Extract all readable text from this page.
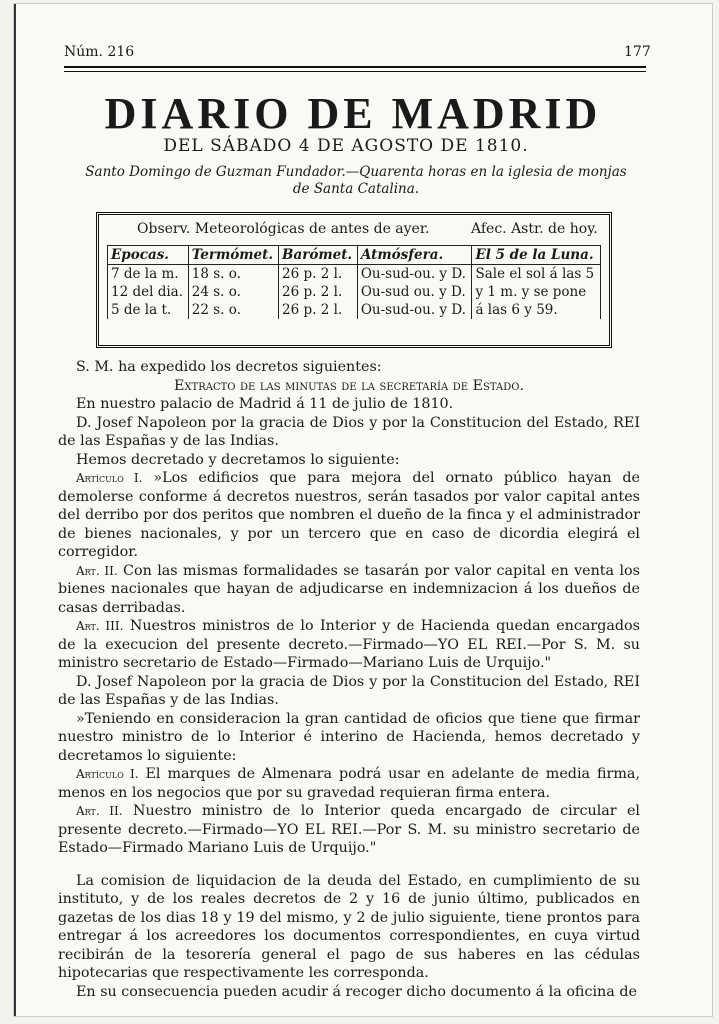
Núm. 216	177
DIARIO DE MADRID
DEL SÁBADO 4 DE AGOSTO DE 1810.
Santo Domingo de Guzman Fundador.—Quarenta horas en la iglesia de monjas de Santa Catalina.
Observ. Meteorológicas de antes de ayer.	Afec. Astr. de hoy.
Epocas.	Termómet.	Barómet.	Atmósfera.	El 5 de la Luna.
7 de la m.	18 s. o.	26 p. 2 l.	Ou-sud-ou. y D.	Sale el sol á las 5
12 del dia.	24 s. o.	26 p. 2 l.	Ou-sud ou. y D.	y 1 m. y se pone
5 de la t.	22 s. o.	26 p. 2 l.	Ou-sud-ou. y D.	á las 6 y 59.

S. M. ha expedido los decretos siguientes:

Extracto de las minutas de la secretaría de Estado.

En nuestro palacio de Madrid á 11 de julio de 1810.

D. Josef Napoleon por la gracia de Dios y por la Constitucion del Estado, REI de las Españas y de las Indias.

Hemos decretado y decretamos lo siguiente:

Artículo I. »Los edificios que para mejora del ornato público hayan de demolerse conforme á decretos nuestros, serán tasados por valor capital antes del derribo por dos peritos que nombren el dueño de la finca y el administrador de bienes nacionales, y por un tercero que en caso de dicordia elegirá el corregidor.

Art. II. Con las mismas formalidades se tasarán por valor capital en venta los bienes nacionales que hayan de adjudicarse en indemnizacion á los dueños de casas derribadas.

Art. III. Nuestros ministros de lo Interior y de Hacienda quedan encargados de la execucion del presente decreto.—Firmado—YO EL REI.—Por S. M. su ministro secretario de Estado—Firmado—Mariano Luis de Urquijo."

D. Josef Napoleon por la gracia de Dios y por la Constitucion del Estado, REI de las Españas y de las Indias.

»Teniendo en consideracion la gran cantidad de oficios que tiene que firmar nuestro ministro de lo Interior é interino de Hacienda, hemos decretado y decretamos lo siguiente:

Artículo I. El marques de Almenara podrá usar en adelante de media firma, menos en los negocios que por su gravedad requieran firma entera.

Art. II. Nuestro ministro de lo Interior queda encargado de circular el presente decreto.—Firmado—YO EL REI.—Por S. M. su ministro secretario de Estado—Firmado Mariano Luis de Urquijo."

La comision de liquidacion de la deuda del Estado, en cumplimiento de su instituto, y de los reales decretos de 2 y 16 de junio último, publicados en gazetas de los dias 18 y 19 del mismo, y 2 de julio siguiente, tiene prontos para entregar á los acreedores los documentos correspondientes, en cuya virtud recibirán de la tesorería general el pago de sus haberes en las cédulas hipotecarias que respectivamente les corresponda.

En su consecuencia pueden acudir á recoger dicho documento á la oficina de
